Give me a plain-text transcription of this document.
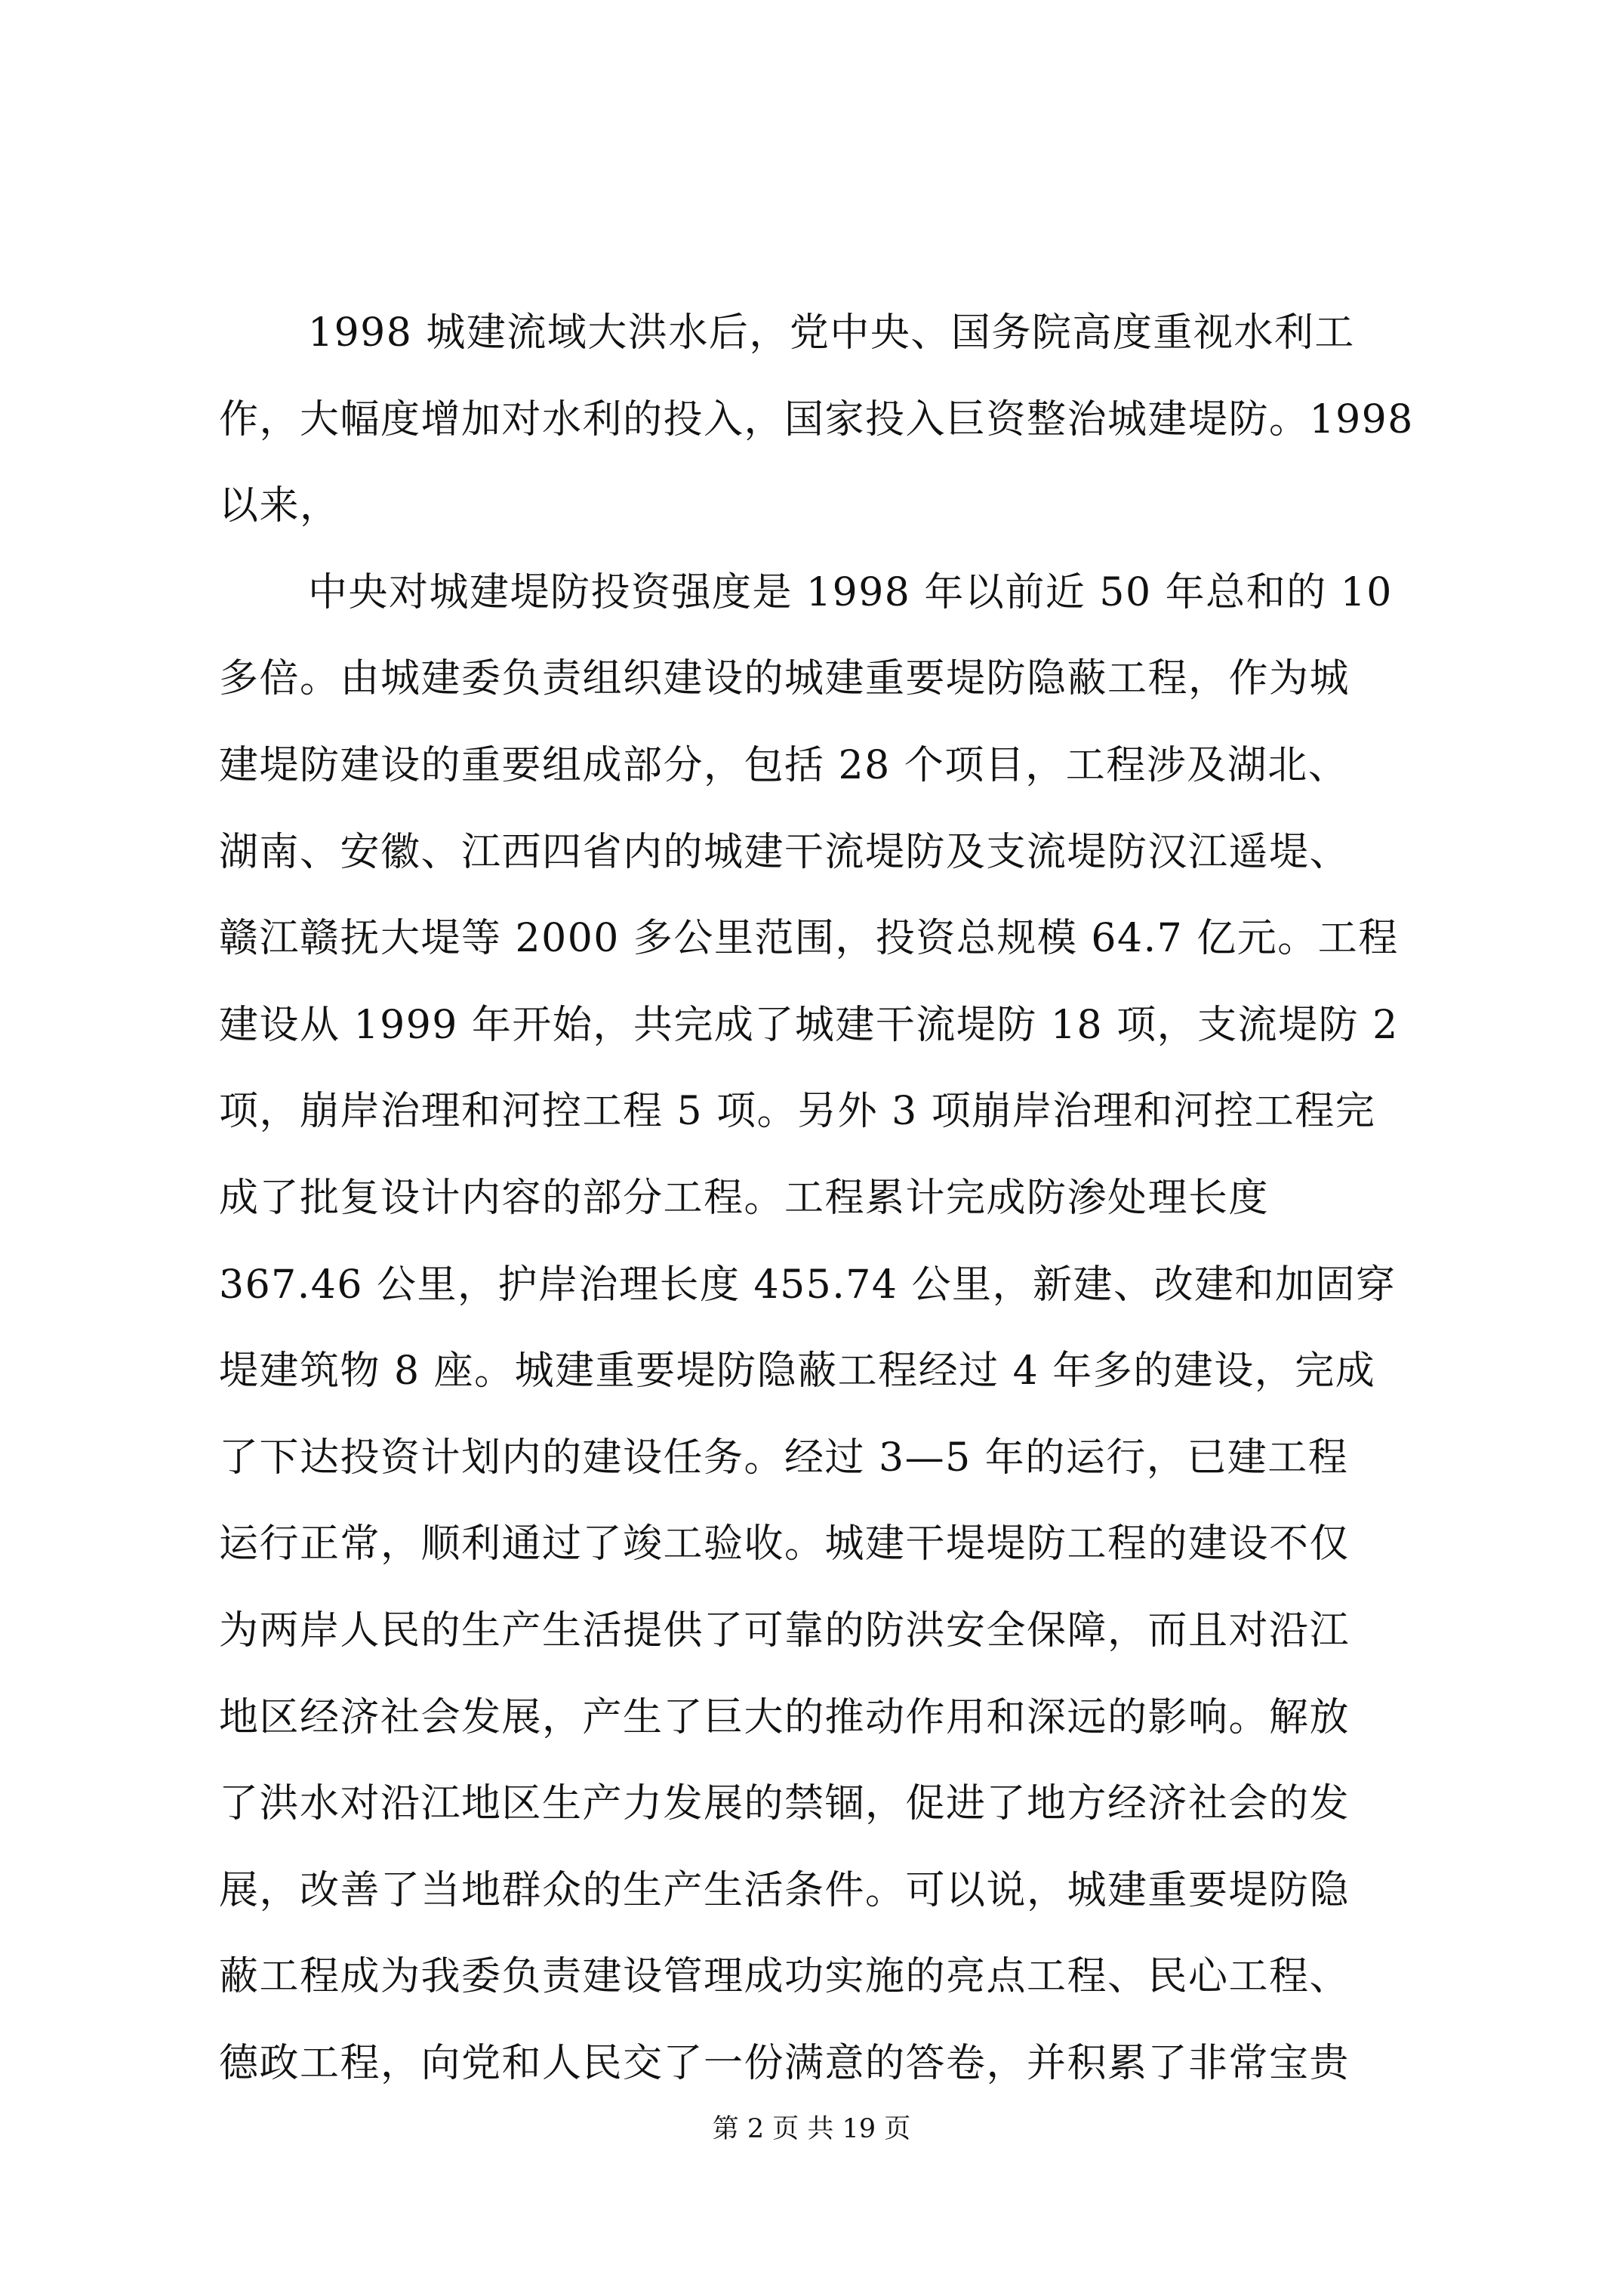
1998 城建流域大洪水后，党中央、国务院高度重视水利工
作，大幅度增加对水利的投入，国家投入巨资整治城建堤防。1998
以来，
中央对城建堤防投资强度是 1998 年以前近 50 年总和的 10
多倍。由城建委负责组织建设的城建重要堤防隐蔽工程，作为城
建堤防建设的重要组成部分，包括 28 个项目，工程涉及湖北、
湖南、安徽、江西四省内的城建干流堤防及支流堤防汉江遥堤、
赣江赣抚大堤等 2000 多公里范围，投资总规模 64.7 亿元。工程
建设从 1999 年开始，共完成了城建干流堤防 18 项，支流堤防 2
项，崩岸治理和河控工程 5 项。另外 3 项崩岸治理和河控工程完
成了批复设计内容的部分工程。工程累计完成防渗处理长度
367.46 公里，护岸治理长度 455.74 公里，新建、改建和加固穿
堤建筑物 8 座。城建重要堤防隐蔽工程经过 4 年多的建设，完成
了下达投资计划内的建设任务。经过 3—5 年的运行，已建工程
运行正常，顺利通过了竣工验收。城建干堤堤防工程的建设不仅
为两岸人民的生产生活提供了可靠的防洪安全保障，而且对沿江
地区经济社会发展，产生了巨大的推动作用和深远的影响。解放
了洪水对沿江地区生产力发展的禁锢，促进了地方经济社会的发
展，改善了当地群众的生产生活条件。可以说，城建重要堤防隐
蔽工程成为我委负责建设管理成功实施的亮点工程、民心工程、
德政工程，向党和人民交了一份满意的答卷，并积累了非常宝贵
第 2 页 共 19 页
